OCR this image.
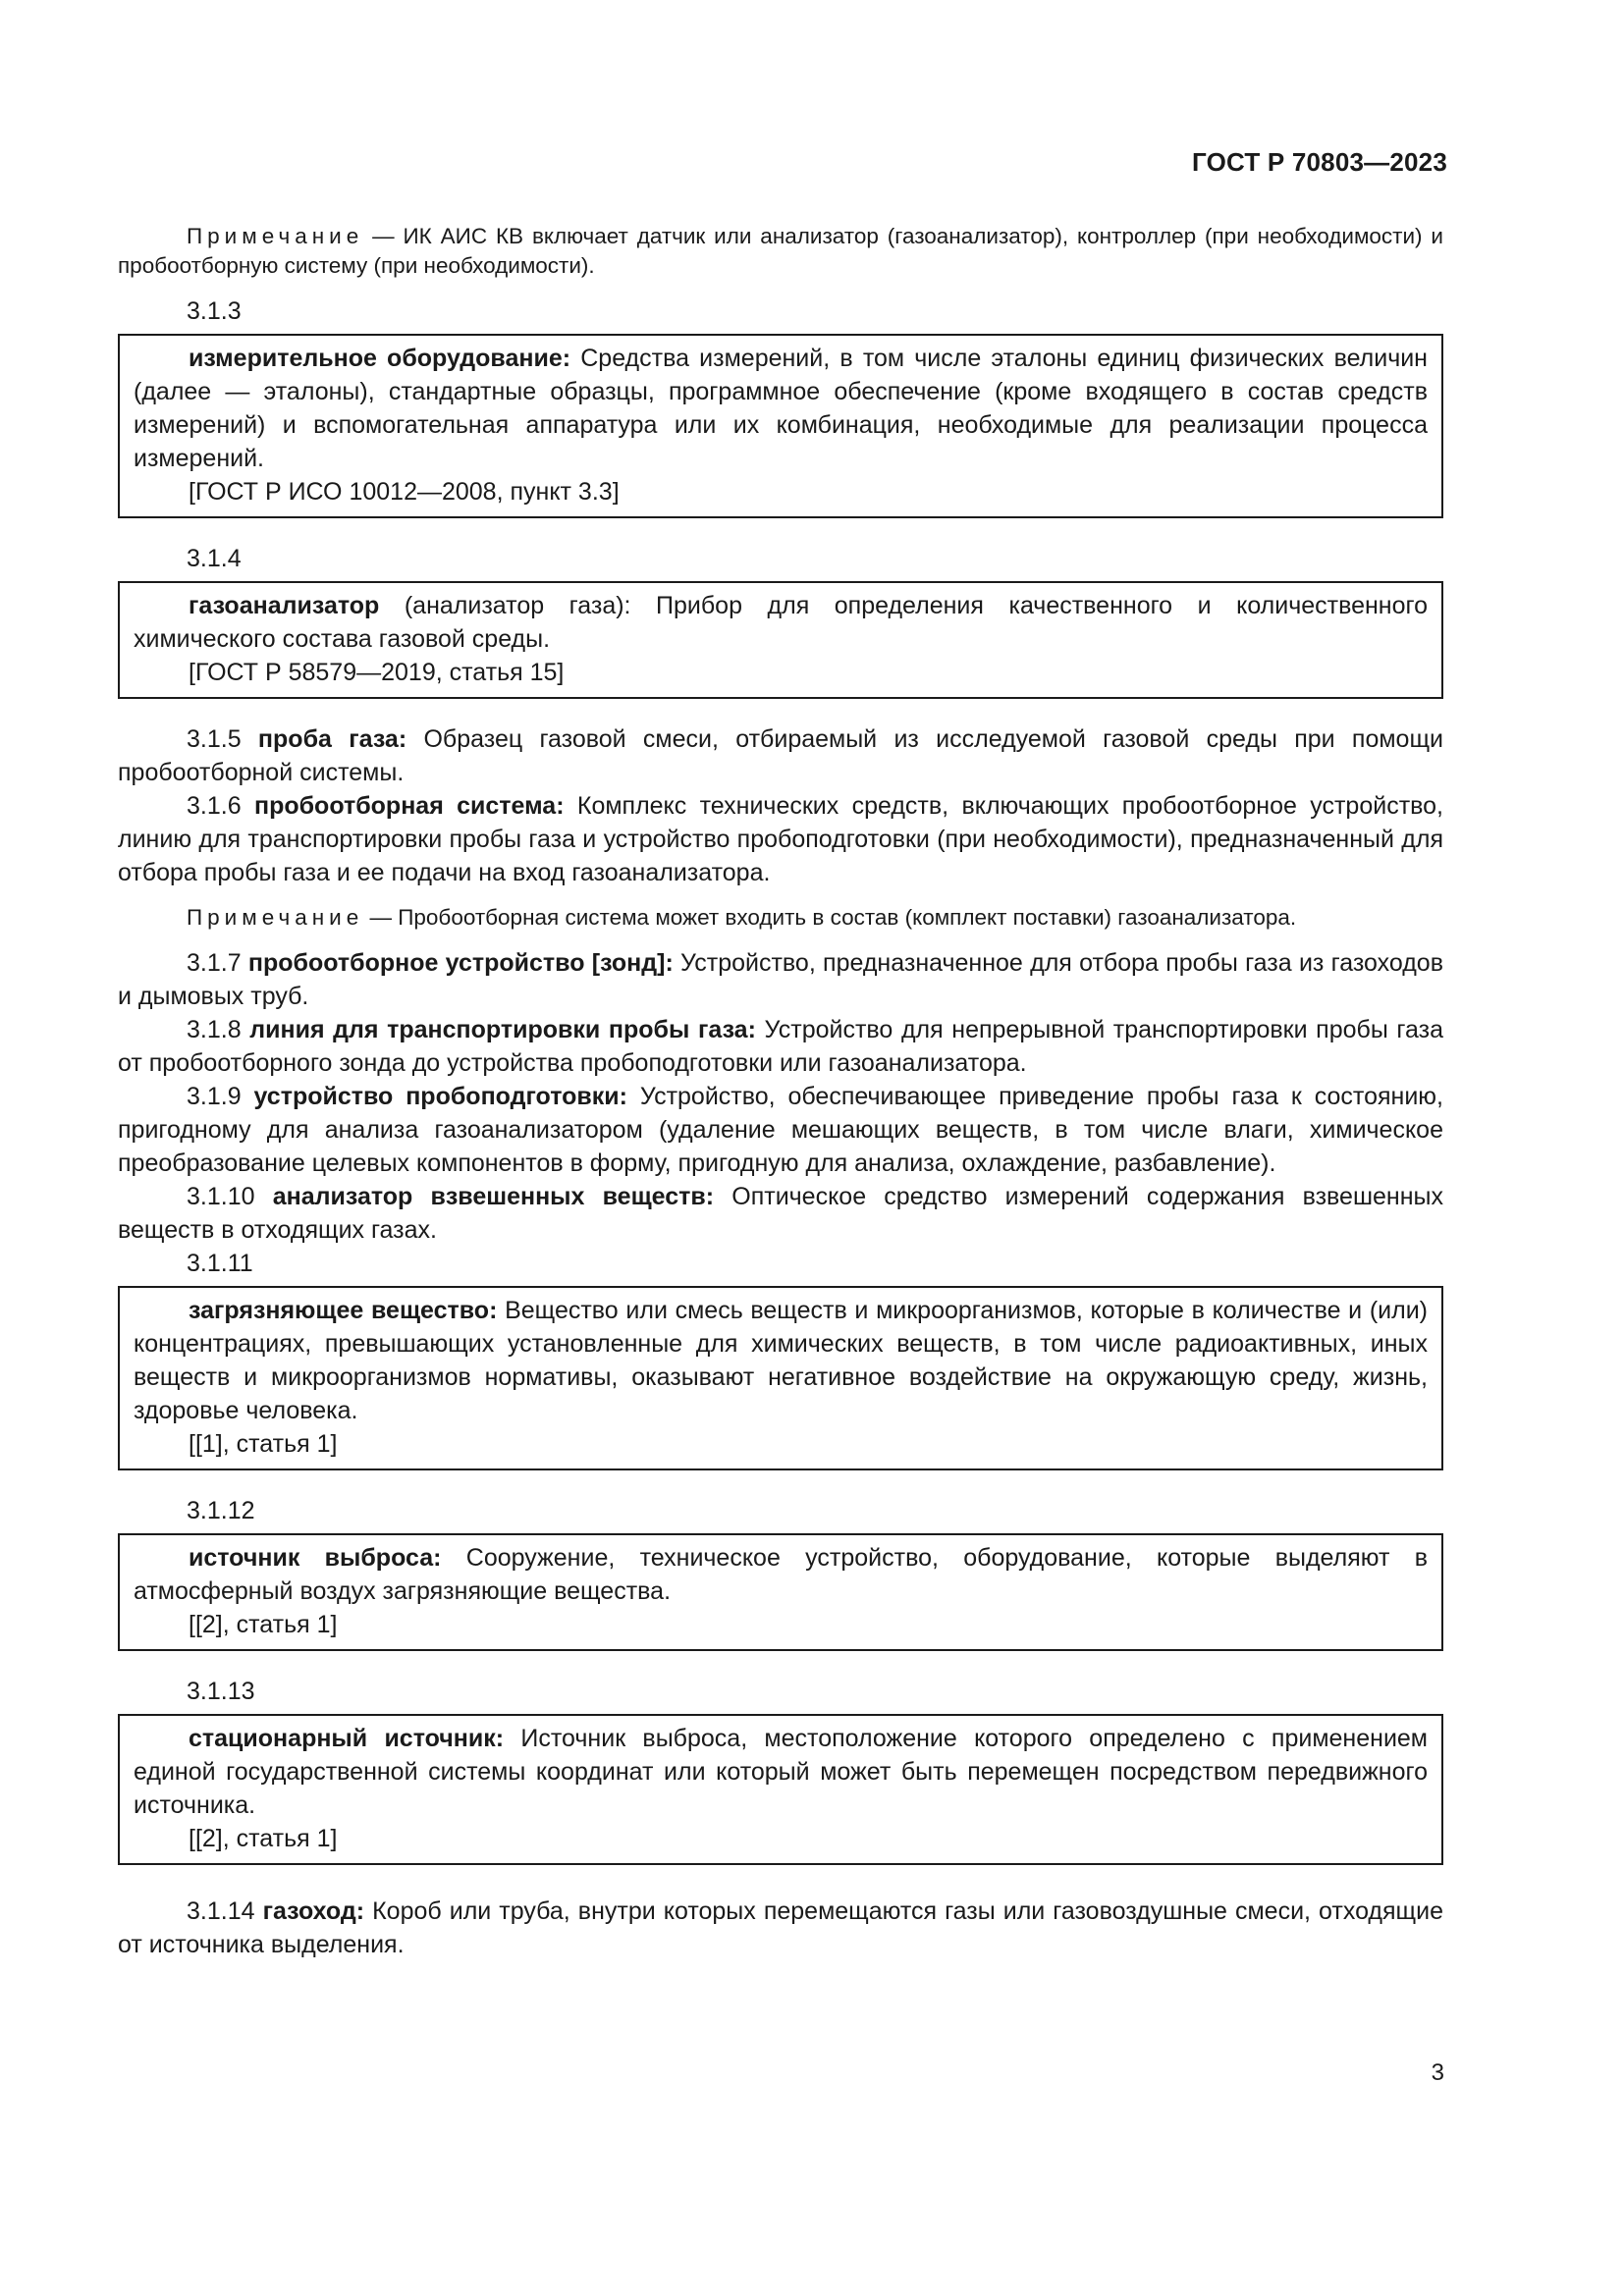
ГОСТ Р 70803—2023

Примечание — ИК АИС КВ включает датчик или анализатор (газоанализатор), контроллер (при необходимости) и пробоотборную систему (при необходимости).

3.1.3

измерительное оборудование: Средства измерений, в том числе эталоны единиц физических величин (далее — эталоны), стандартные образцы, программное обеспечение (кроме входящего в состав средств измерений) и вспомогательная аппаратура или их комбинация, необходимые для реализации процесса измерений.

[ГОСТ Р ИСО 10012—2008, пункт 3.3]

3.1.4

газоанализатор (анализатор газа): Прибор для определения качественного и количественного химического состава газовой среды.

[ГОСТ Р 58579—2019, статья 15]

3.1.5 проба газа: Образец газовой смеси, отбираемый из исследуемой газовой среды при помощи пробоотборной системы.

3.1.6 пробоотборная система: Комплекс технических средств, включающих пробоотборное устройство, линию для транспортировки пробы газа и устройство пробоподготовки (при необходимости), предназначенный для отбора пробы газа и ее подачи на вход газоанализатора.

Примечание — Пробоотборная система может входить в состав (комплект поставки) газоанализатора.

3.1.7 пробоотборное устройство [зонд]: Устройство, предназначенное для отбора пробы газа из газоходов и дымовых труб.

3.1.8 линия для транспортировки пробы газа: Устройство для непрерывной транспортировки пробы газа от пробоотборного зонда до устройства пробоподготовки или газоанализатора.

3.1.9 устройство пробоподготовки: Устройство, обеспечивающее приведение пробы газа к состоянию, пригодному для анализа газоанализатором (удаление мешающих веществ, в том числе влаги, химическое преобразование целевых компонентов в форму, пригодную для анализа, охлаждение, разбавление).

3.1.10 анализатор взвешенных веществ: Оптическое средство измерений содержания взвешенных веществ в отходящих газах.

3.1.11

загрязняющее вещество: Вещество или смесь веществ и микроорганизмов, которые в количестве и (или) концентрациях, превышающих установленные для химических веществ, в том числе радиоактивных, иных веществ и микроорганизмов нормативы, оказывают негативное воздействие на окружающую среду, жизнь, здоровье человека.

[[1], статья 1]

3.1.12

источник выброса: Сооружение, техническое устройство, оборудование, которые выделяют в атмосферный воздух загрязняющие вещества.

[[2], статья 1]

3.1.13

стационарный источник: Источник выброса, местоположение которого определено с применением единой государственной системы координат или который может быть перемещен посредством передвижного источника.

[[2], статья 1]

3.1.14 газоход: Короб или труба, внутри которых перемещаются газы или газовоздушные смеси, отходящие от источника выделения.

3
